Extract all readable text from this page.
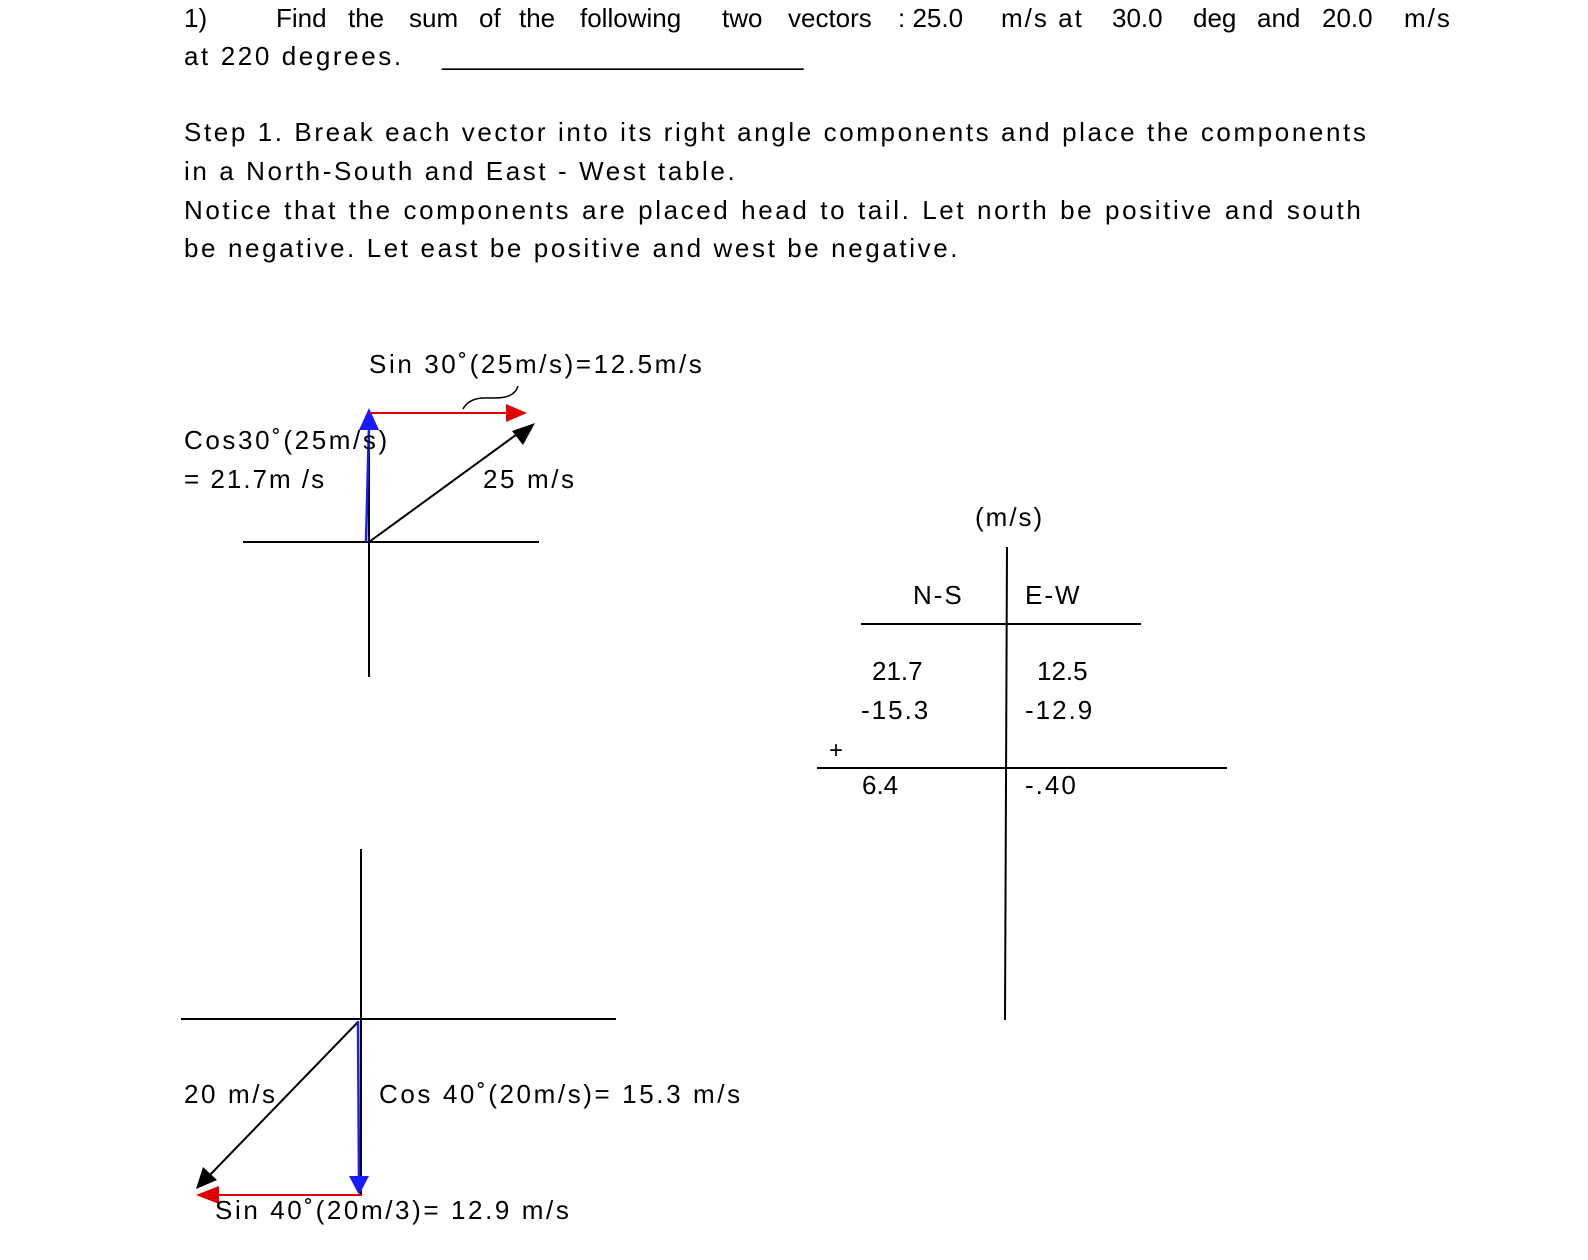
1)	Find the sum of the following two vectors : 25.0 m/s at 30.0 deg and 20.0 m/s
at 220 degrees. _________________________
Step 1. Break each vector into its right angle components and place the components
in a North-South and East - West table.
Notice that the components are placed head to tail. Let north be positive and south
be negative. Let east be positive and west be negative.
Sin 30˚(25m/s)=12.5m/s
Cos30˚(25m/s)
= 21.7m /s	25 m/s
(m/s)
N-S E-W
21.7	12.5
-15.3	-12.9
+
6.4	-.40
20 m/s	Cos 40˚(20m/s)= 15.3 m/s
Sin 40˚(20m/3)= 12.9 m/s
